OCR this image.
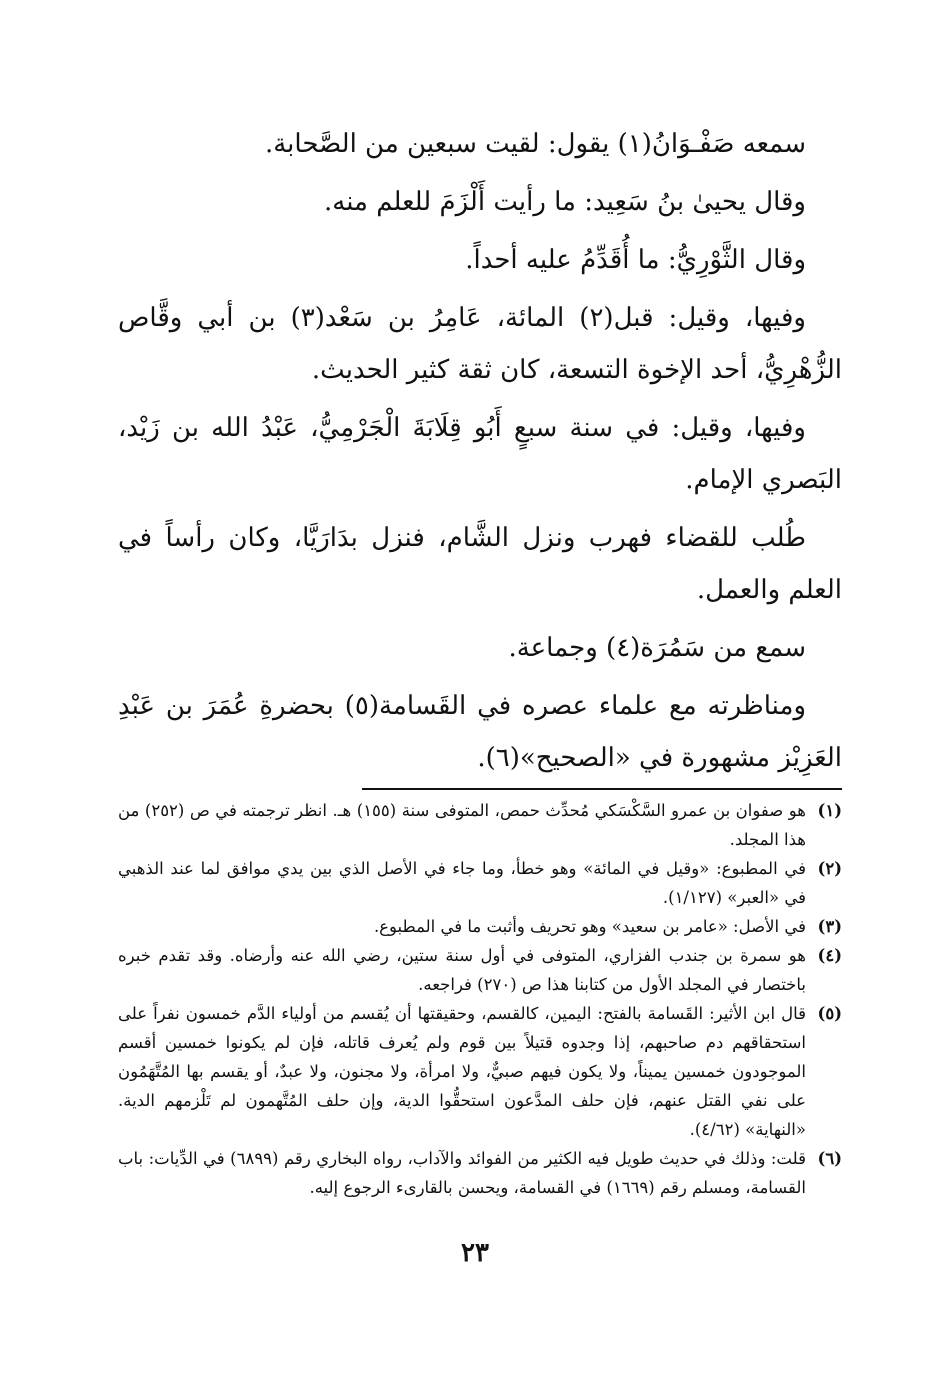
سمعه صَفْـوَانُ(١) يقول: لقيت سبعين من الصَّحابة.

وقال يحيىٰ بنُ سَعِيد: ما رأيت أَلْزَمَ للعلم منه.

وقال الثَّوْرِيُّ: ما أُقَدِّمُ عليه أحداً.

وفيها، وقيل: قبل(٢) المائة، عَامِرُ بن سَعْد(٣) بن أبي وقَّاص الزُّهْرِيُّ، أحد الإخوة التسعة، كان ثقة كثير الحديث.

وفيها، وقيل: في سنة سبعٍ أَبُو قِلَابَةَ الْجَرْمِيُّ، عَبْدُ الله بن زَيْد، البَصري الإمام.

طُلب للقضاء فهرب ونزل الشَّام، فنزل بدَارَيَّا، وكان رأساً في العلم والعمل.

سمع من سَمُرَة(٤) وجماعة.

ومناظرته مع علماء عصره في القَسامة(٥) بحضرةِ عُمَرَ بن عَبْدِ العَزِيْز مشهورة في «الصحيح»(٦).

(١)
هو صفوان بن عمرو السَّكْسَكي مُحدِّث حمص، المتوفى سنة (١٥٥) هـ. انظر ترجمته في ص (٢٥٢) من هذا المجلد.
(٢)
في المطبوع: «وقيل في المائة» وهو خطأ، وما جاء في الأصل الذي بين يدي موافق لما عند الذهبي في «العبر» (١/١٢٧).
(٣)
في الأصل: «عامر بن سعيد» وهو تحريف وأثبت ما في المطبوع.
(٤)
هو سمرة بن جندب الفزاري، المتوفى في أول سنة ستين، رضي الله عنه وأرضاه. وقد تقدم خبره باختصار في المجلد الأول من كتابنا هذا ص (٢٧٠) فراجعه.
(٥)
قال ابن الأثير: القَسامة بالفتح: اليمين، كالقسم، وحقيقتها أن يُقسم من أولياء الدَّم خمسون نفراً على استحقاقهم دم صاحبهم، إذا وجدوه قتيلاً بين قوم ولم يُعرف قاتله، فإن لم يكونوا خمسين أقسم الموجودون خمسين يميناً، ولا يكون فيهم صبيٌّ، ولا امرأة، ولا مجنون، ولا عبدٌ، أو يقسم بها المُتَّهَمُون على نفي القتل عنهم، فإن حلف المدَّعون استحقُّوا الدية، وإن حلف المُتَّهمون لم تَلْزمهم الدية. «النهاية» (٤/٦٢).
(٦)
قلت: وذلك في حديث طويل فيه الكثير من الفوائد والآداب، رواه البخاري رقم (٦٨٩٩) في الدِّيات: باب القسامة، ومسلم رقم (١٦٦٩) في القسامة، ويحسن بالقارىء الرجوع إليه.
٢٣
